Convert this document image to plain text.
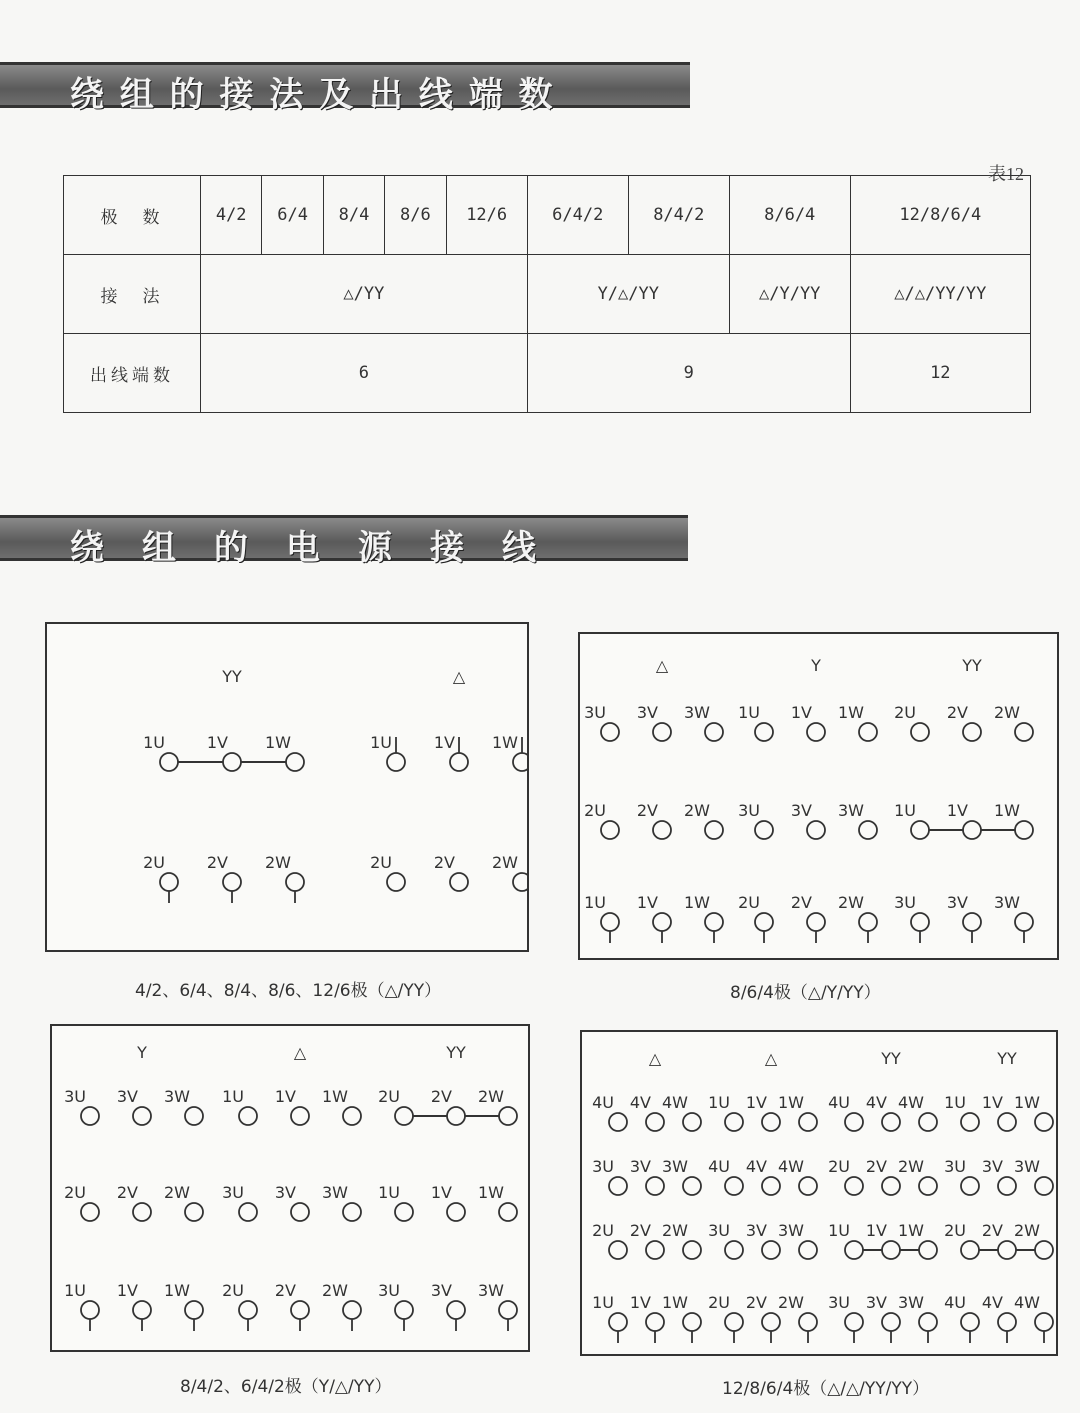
绕 组 的 接 法 及 出 线 端 数
表12
极　数	4/2	6/4	8/4	8/6	12/6	6/4/2	8/4/2	8/6/4	12/8/6/4
接　法	△/YY					Y/△/YY		△/Y/YY	△/△/YY/YY
出线端数	6					9			12
绕　组　的　电　源　接　线
YY	△
1U	1V 1W	1U	1V 1W
2U	2V 2W	2U	2V 2W
4/2、6/4、8/4、8/6、12/6极（△/YY）
△	Y	YY
3U 3V 3W 1U 1V 1W 2U 2V 2W
2U 2V 2W 3U 3V 3W 1U 1V 1W
1U 1V 1W 2U 2V 2W 3U 3V 3W
8/6/4极（△/Y/YY）
Y	△	YY
3U 3V 3W 1U 1V 1W 2U 2V 2W
2U 2V 2W 3U 3V 3W 1U 1V 1W
1U 1V 1W 2U 2V 2W 3U 3V 3W
8/4/2、6/4/2极（Y/△/YY）
△	△	YY	YY
4U 4V 4W 1U 1V 1W 4U 4V 4W 1U 1V 1W
3U 3V 3W 4U 4V 4W 2U 2V 2W 3U 3V 3W
2U 2V 2W 3U 3V 3W 1U 1V 1W 2U 2V 2W
1U 1V 1W 2U 2V 2W 3U 3V 3W 4U 4V 4W
12/8/6/4极（△/△/YY/YY）
